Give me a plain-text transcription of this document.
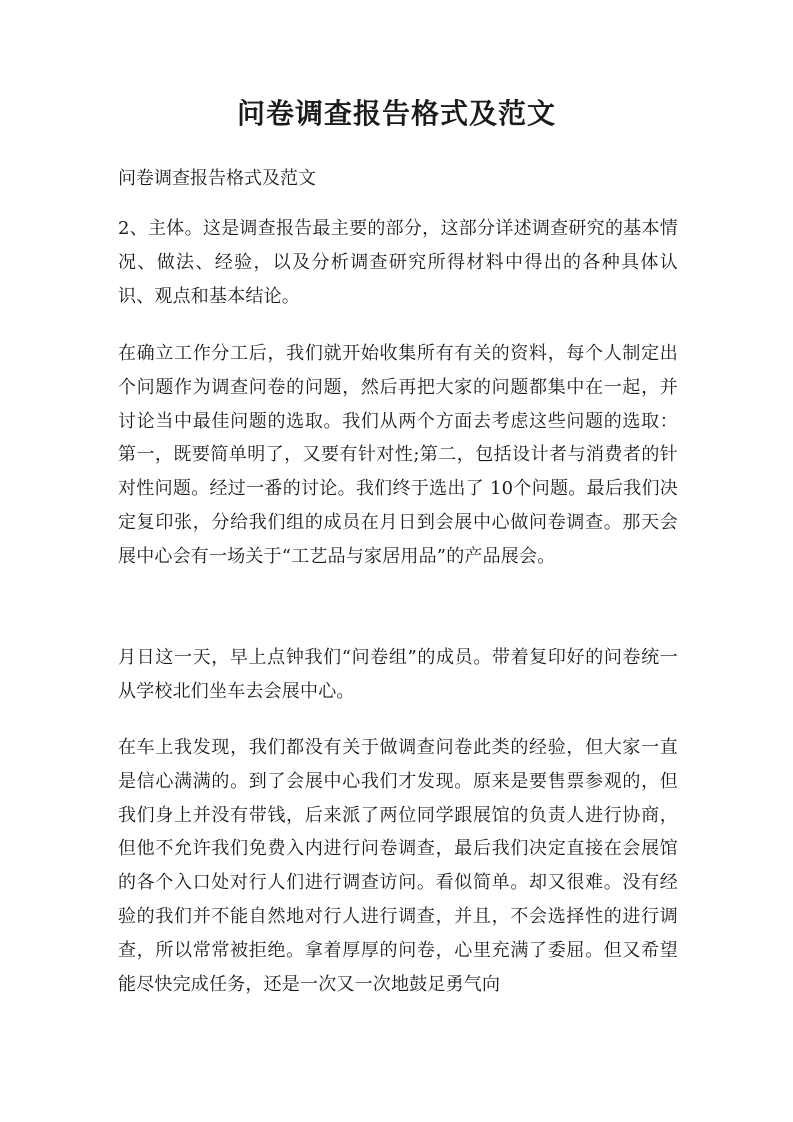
问卷调查报告格式及范文
问卷调查报告格式及范文
2、主体。这是调查报告最主要的部分，这部分详述调查研究的基本情况、做法、经验，以及分析调查研究所得材料中得出的各种具体认识、观点和基本结论。
在确立工作分工后，我们就开始收集所有有关的资料，每个人制定出个问题作为调查问卷的问题，然后再把大家的问题都集中在一起，并讨论当中最佳问题的选取。我们从两个方面去考虑这些问题的选取：第一，既要简单明了，又要有针对性;第二，包括设计者与消费者的针对性问题。经过一番的讨论。我们终于选出了 10个问题。最后我们决定复印张，分给我们组的成员在月日到会展中心做问卷调查。那天会展中心会有一场关于“工艺品与家居用品”的产品展会。
月日这一天，早上点钟我们“问卷组”的成员。带着复印好的问卷统一从学校北们坐车去会展中心。
在车上我发现，我们都没有关于做调查问卷此类的经验，但大家一直是信心满满的。到了会展中心我们才发现。原来是要售票参观的，但我们身上并没有带钱，后来派了两位同学跟展馆的负责人进行协商，但他不允许我们免费入内进行问卷调查，最后我们决定直接在会展馆的各个入口处对行人们进行调查访问。看似简单。却又很难。没有经验的我们并不能自然地对行人进行调查，并且，不会选择性的进行调查，所以常常被拒绝。拿着厚厚的问卷，心里充满了委屈。但又希望能尽快完成任务，还是一次又一次地鼓足勇气向
